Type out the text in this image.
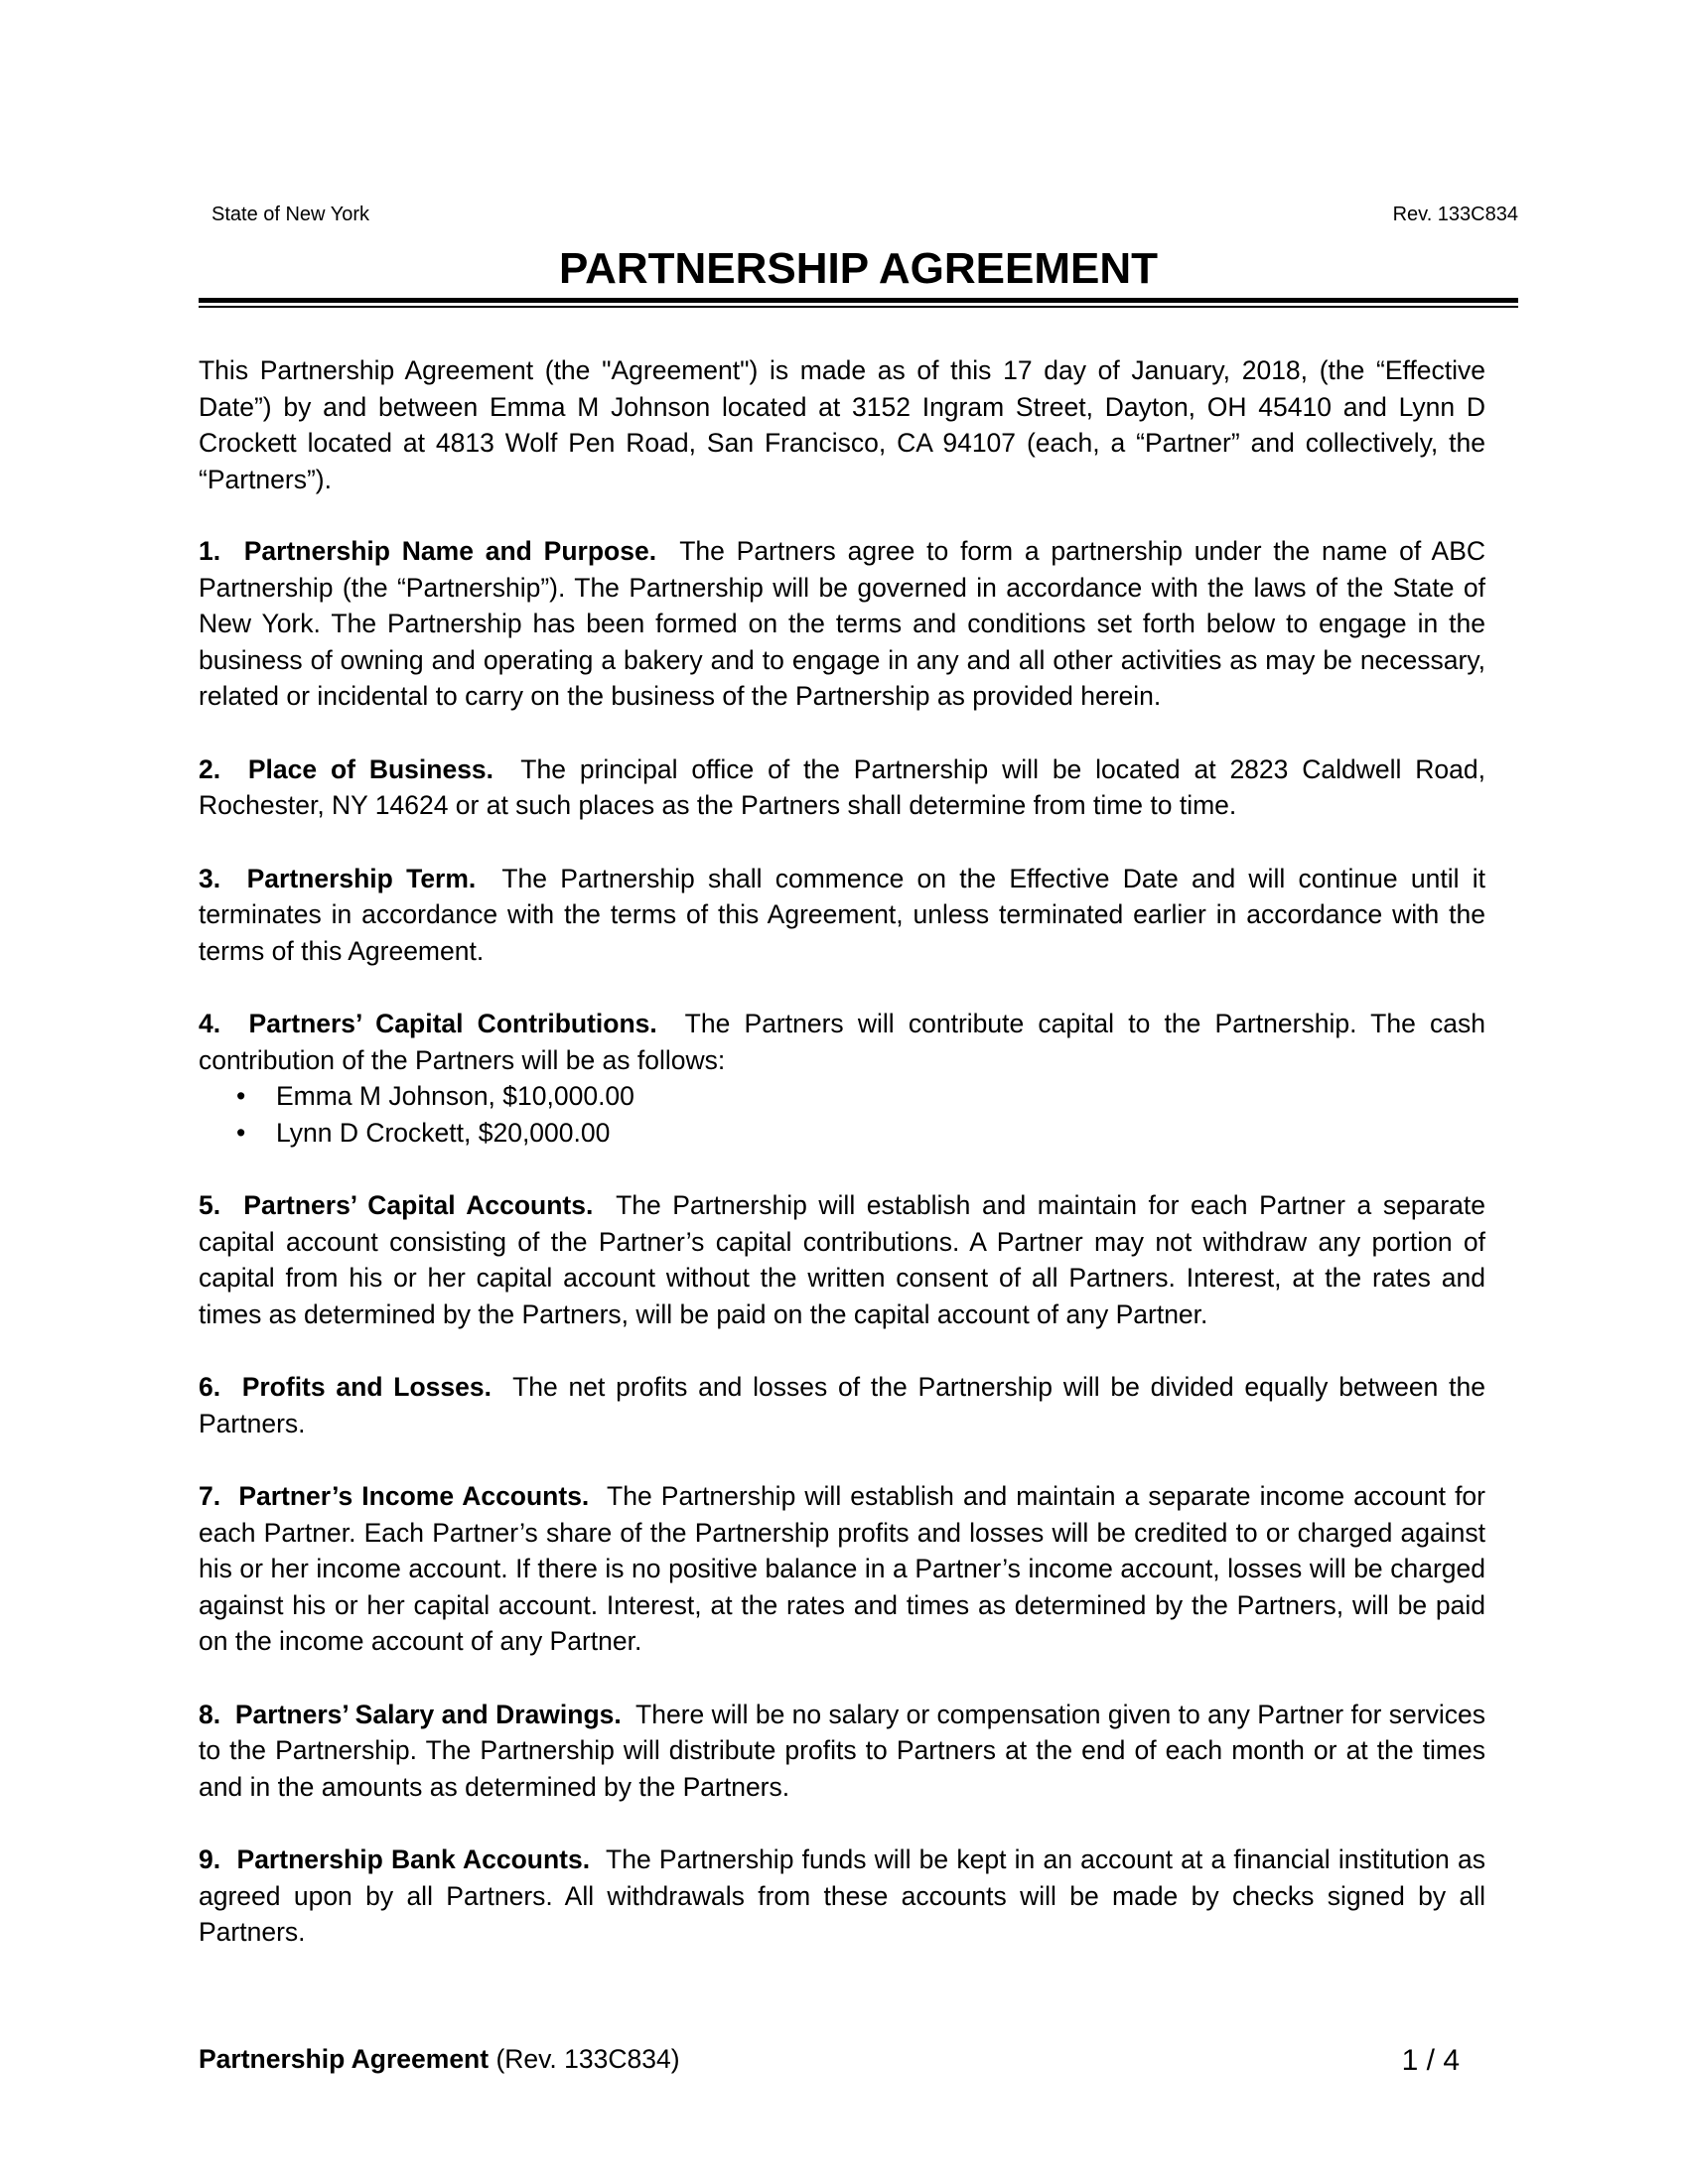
State of New York	Rev. 133C834
PARTNERSHIP AGREEMENT

This Partnership Agreement (the "Agreement") is made as of this 17 day of January, 2018, (the “Effective Date”) by and between Emma M Johnson located at 3152 Ingram Street, Dayton, OH 45410 and Lynn D Crockett located at 4813 Wolf Pen Road, San Francisco, CA 94107 (each, a “Partner” and collectively, the “Partners”).

1. Partnership Name and Purpose. The Partners agree to form a partnership under the name of ABC Partnership (the “Partnership”). The Partnership will be governed in accordance with the laws of the State of New York. The Partnership has been formed on the terms and conditions set forth below to engage in the business of owning and operating a bakery and to engage in any and all other activities as may be necessary, related or incidental to carry on the business of the Partnership as provided herein.

2. Place of Business. The principal office of the Partnership will be located at 2823 Caldwell Road, Rochester, NY 14624 or at such places as the Partners shall determine from time to time.

3. Partnership Term. The Partnership shall commence on the Effective Date and will continue until it terminates in accordance with the terms of this Agreement, unless terminated earlier in accordance with the terms of this Agreement.

4. Partners’ Capital Contributions. The Partners will contribute capital to the Partnership. The cash contribution of the Partners will be as follows:
• Emma M Johnson, $10,000.00
• Lynn D Crockett, $20,000.00

5. Partners’ Capital Accounts. The Partnership will establish and maintain for each Partner a separate capital account consisting of the Partner’s capital contributions. A Partner may not withdraw any portion of capital from his or her capital account without the written consent of all Partners. Interest, at the rates and times as determined by the Partners, will be paid on the capital account of any Partner.

6. Profits and Losses. The net profits and losses of the Partnership will be divided equally between the Partners.

7. Partner’s Income Accounts. The Partnership will establish and maintain a separate income account for each Partner. Each Partner’s share of the Partnership profits and losses will be credited to or charged against his or her income account. If there is no positive balance in a Partner’s income account, losses will be charged against his or her capital account. Interest, at the rates and times as determined by the Partners, will be paid on the income account of any Partner.

8. Partners’ Salary and Drawings. There will be no salary or compensation given to any Partner for services to the Partnership. The Partnership will distribute profits to Partners at the end of each month or at the times and in the amounts as determined by the Partners.

9. Partnership Bank Accounts. The Partnership funds will be kept in an account at a financial institution as agreed upon by all Partners. All withdrawals from these accounts will be made by checks signed by all Partners.

Partnership Agreement (Rev. 133C834)	1 / 4
